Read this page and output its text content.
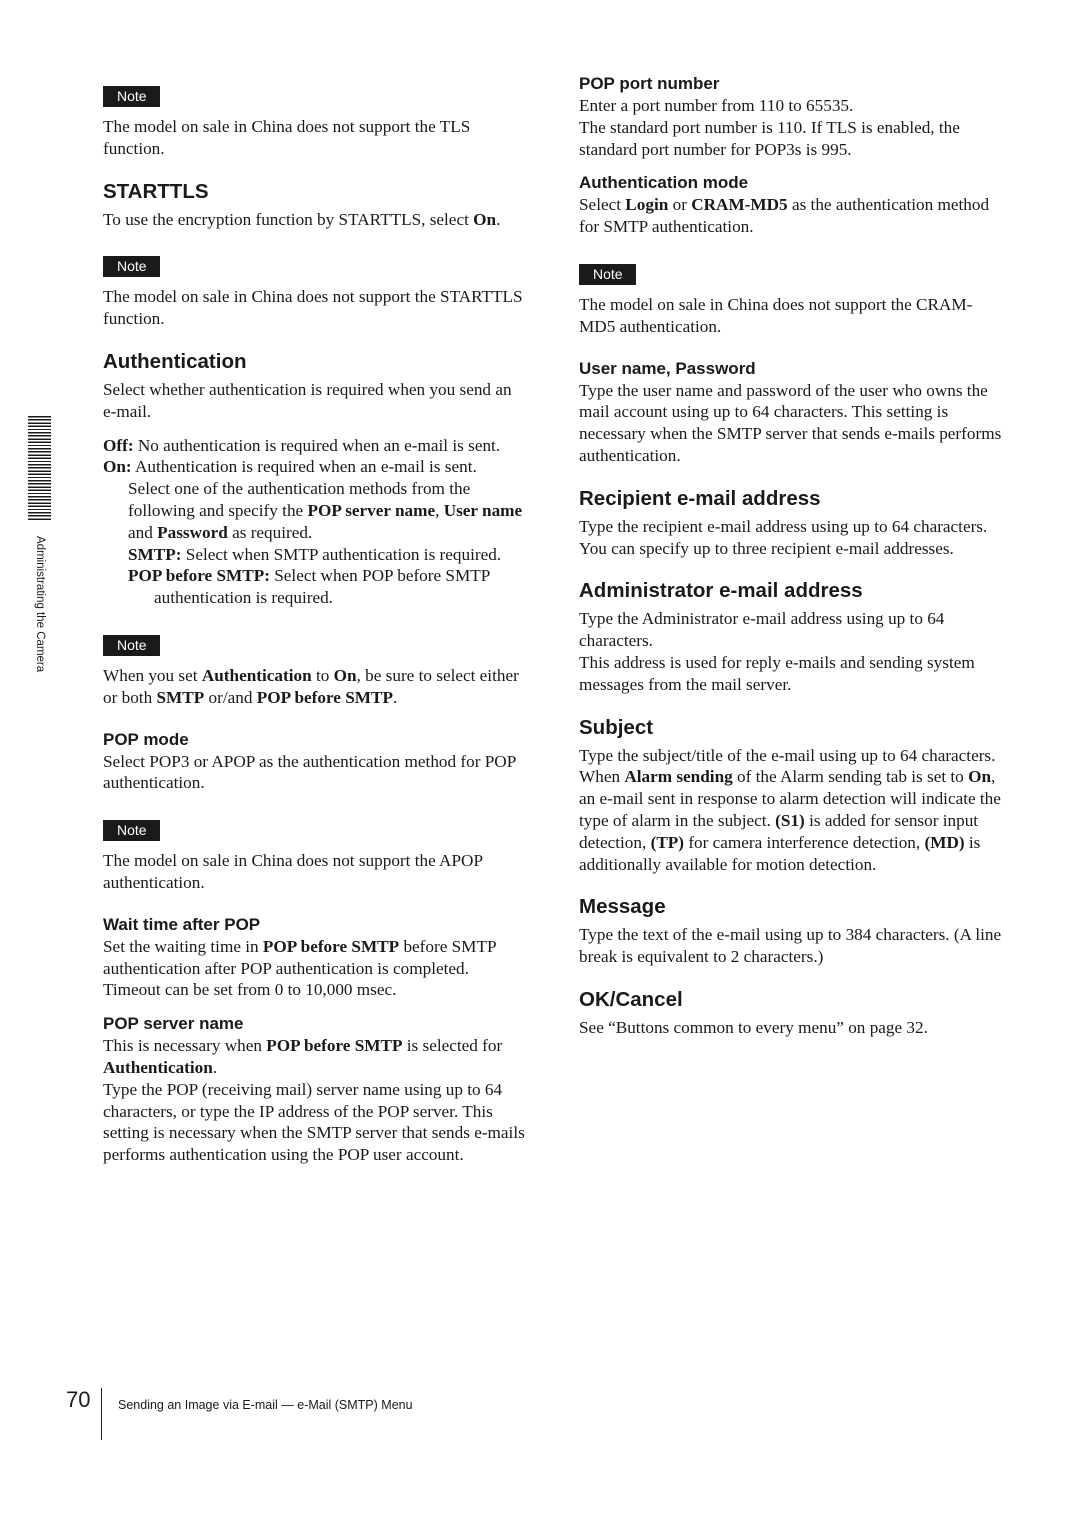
Note

The model on sale in China does not support the TLS function.

STARTTLS

To use the encryption function by STARTTLS, select On.

Note

The model on sale in China does not support the STARTTLS function.

Authentication

Select whether authentication is required when you send an e-mail.

Off: No authentication is required when an e-mail is sent.

On: Authentication is required when an e-mail is sent.

Select one of the authentication methods from the following and specify the POP server name, User name and Password as required.

SMTP: Select when SMTP authentication is required.

POP before SMTP: Select when POP before SMTP authentication is required.

Note

When you set Authentication to On, be sure to select either or both SMTP or/and POP before SMTP.

POP mode

Select POP3 or APOP as the authentication method for POP authentication.

Note

The model on sale in China does not support the APOP authentication.

Wait time after POP

Set the waiting time in POP before SMTP before SMTP authentication after POP authentication is completed. Timeout can be set from 0 to 10,000 msec.

POP server name

This is necessary when POP before SMTP is selected for Authentication.

Type the POP (receiving mail) server name using up to 64 characters, or type the IP address of the POP server. This setting is necessary when the SMTP server that sends e-mails performs authentication using the POP user account.

POP port number

Enter a port number from 110 to 65535.

The standard port number is 110. If TLS is enabled, the standard port number for POP3s is 995.

Authentication mode

Select Login or CRAM-MD5 as the authentication method for SMTP authentication.

Note

The model on sale in China does not support the CRAM-MD5 authentication.

User name, Password

Type the user name and password of the user who owns the mail account using up to 64 characters. This setting is necessary when the SMTP server that sends e-mails performs authentication.

Recipient e-mail address

Type the recipient e-mail address using up to 64 characters.

You can specify up to three recipient e-mail addresses.

Administrator e-mail address

Type the Administrator e-mail address using up to 64 characters.

This address is used for reply e-mails and sending system messages from the mail server.

Subject

Type the subject/title of the e-mail using up to 64 characters.

When Alarm sending of the Alarm sending tab is set to On, an e-mail sent in response to alarm detection will indicate the type of alarm in the subject. (S1) is added for sensor input detection, (TP) for camera interference detection, (MD) is additionally available for motion detection.

Message

Type the text of the e-mail using up to 384 characters. (A line break is equivalent to 2 characters.)

OK/Cancel

See “Buttons common to every menu” on page 32.

Administrating the Camera
70 Sending an Image via E-mail — e-Mail (SMTP) Menu
